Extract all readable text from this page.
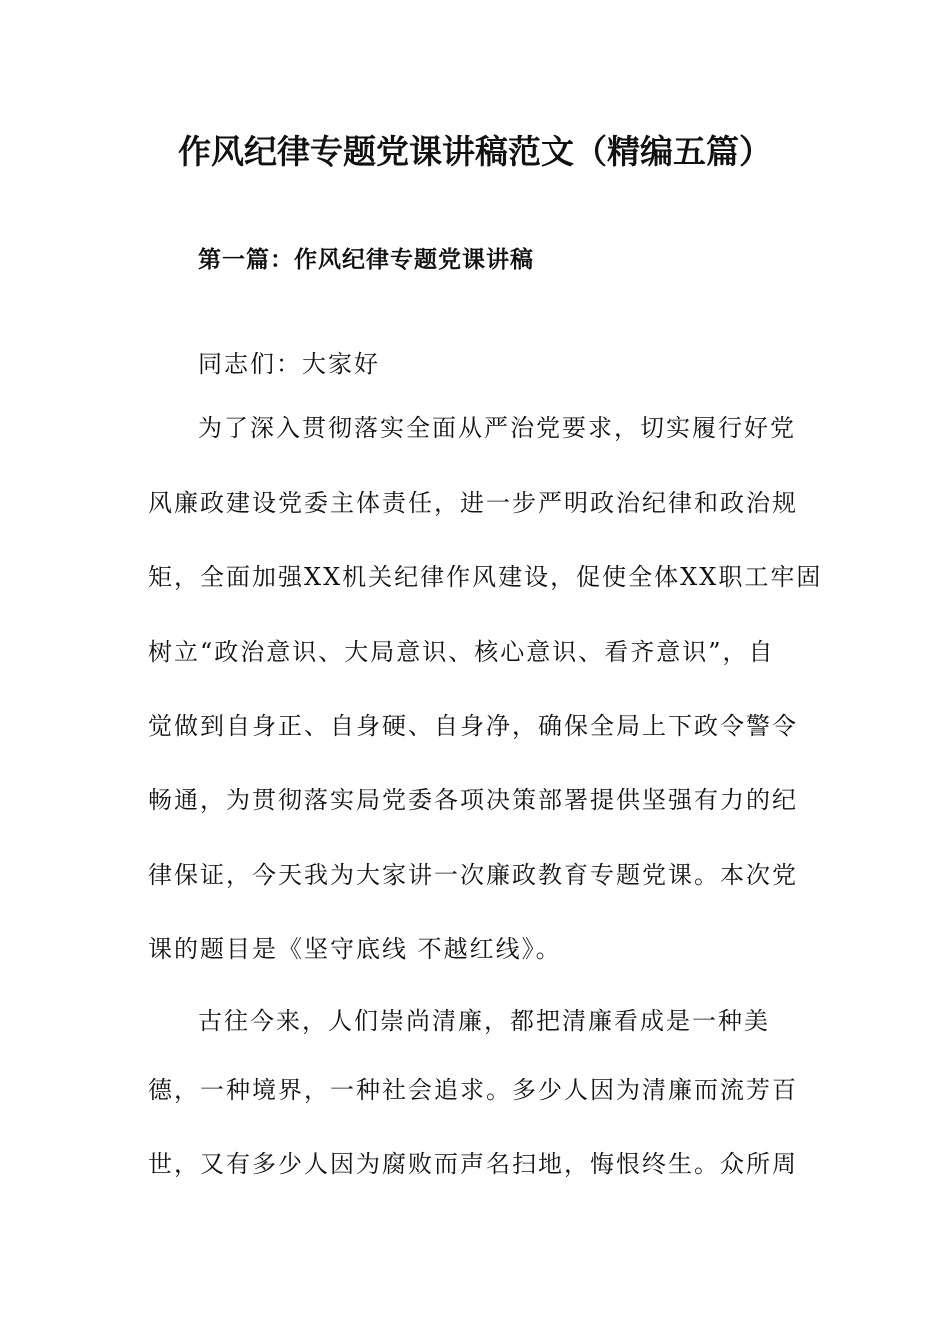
作风纪律专题党课讲稿范文（精编五篇）
第一篇：作风纪律专题党课讲稿
同志们：大家好
为了深入贯彻落实全面从严治党要求，切实履行好党
风廉政建设党委主体责任，进一步严明政治纪律和政治规
矩，全面加强XX机关纪律作风建设，促使全体XX职工牢固
树立“政治意识、大局意识、核心意识、看齐意识”，自
觉做到自身正、自身硬、自身净，确保全局上下政令警令
畅通，为贯彻落实局党委各项决策部署提供坚强有力的纪
律保证，今天我为大家讲一次廉政教育专题党课。本次党
课的题目是《坚守底线 不越红线》。
古往今来，人们崇尚清廉，都把清廉看成是一种美
德，一种境界，一种社会追求。多少人因为清廉而流芳百
世，又有多少人因为腐败而声名扫地，悔恨终生。众所周
